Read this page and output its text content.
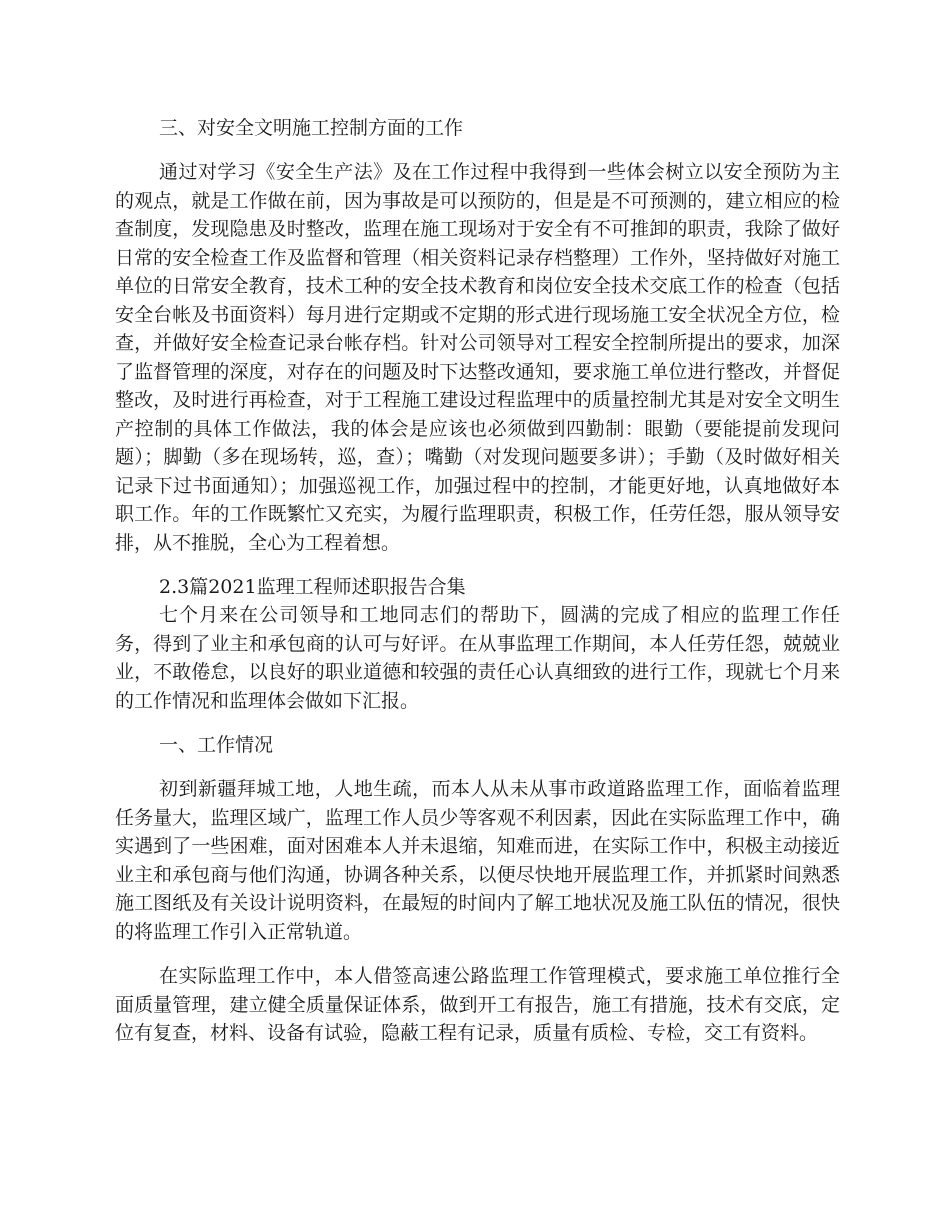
三、对安全文明施工控制方面的工作

通过对学习《安全生产法》及在工作过程中我得到一些体会树立以安全预防为主的观点，就是工作做在前，因为事故是可以预防的，但是是不可预测的，建立相应的检查制度，发现隐患及时整改，监理在施工现场对于安全有不可推卸的职责，我除了做好日常的安全检查工作及监督和管理（相关资料记录存档整理）工作外，坚持做好对施工单位的日常安全教育，技术工种的安全技术教育和岗位安全技术交底工作的检查（包括安全台帐及书面资料）每月进行定期或不定期的形式进行现场施工安全状况全方位，检查，并做好安全检查记录台帐存档。针对公司领导对工程安全控制所提出的要求，加深了监督管理的深度，对存在的问题及时下达整改通知，要求施工单位进行整改，并督促整改，及时进行再检查，对于工程施工建设过程监理中的质量控制尤其是对安全文明生产控制的具体工作做法，我的体会是应该也必须做到四勤制：眼勤（要能提前发现问题）；脚勤（多在现场转，巡，查）；嘴勤（对发现问题要多讲）；手勤（及时做好相关记录下过书面通知）；加强巡视工作，加强过程中的控制，才能更好地，认真地做好本职工作。年的工作既繁忙又充实，为履行监理职责，积极工作，任劳任怨，服从领导安排，从不推脱，全心为工程着想。

2.3篇2021监理工程师述职报告合集

七个月来在公司领导和工地同志们的帮助下，圆满的完成了相应的监理工作任务，得到了业主和承包商的认可与好评。在从事监理工作期间，本人任劳任怨，兢兢业业，不敢倦怠，以良好的职业道德和较强的责任心认真细致的进行工作，现就七个月来的工作情况和监理体会做如下汇报。

一、工作情况

初到新疆拜城工地，人地生疏，而本人从未从事市政道路监理工作，面临着监理任务量大，监理区域广，监理工作人员少等客观不利因素，因此在实际监理工作中，确实遇到了一些困难，面对困难本人并未退缩，知难而进，在实际工作中，积极主动接近业主和承包商与他们沟通，协调各种关系，以便尽快地开展监理工作，并抓紧时间熟悉施工图纸及有关设计说明资料，在最短的时间内了解工地状况及施工队伍的情况，很快的将监理工作引入正常轨道。

在实际监理工作中，本人借签高速公路监理工作管理模式，要求施工单位推行全面质量管理，建立健全质量保证体系，做到开工有报告，施工有措施，技术有交底，定位有复查，材料、设备有试验，隐蔽工程有记录，质量有质检、专检，交工有资料。
